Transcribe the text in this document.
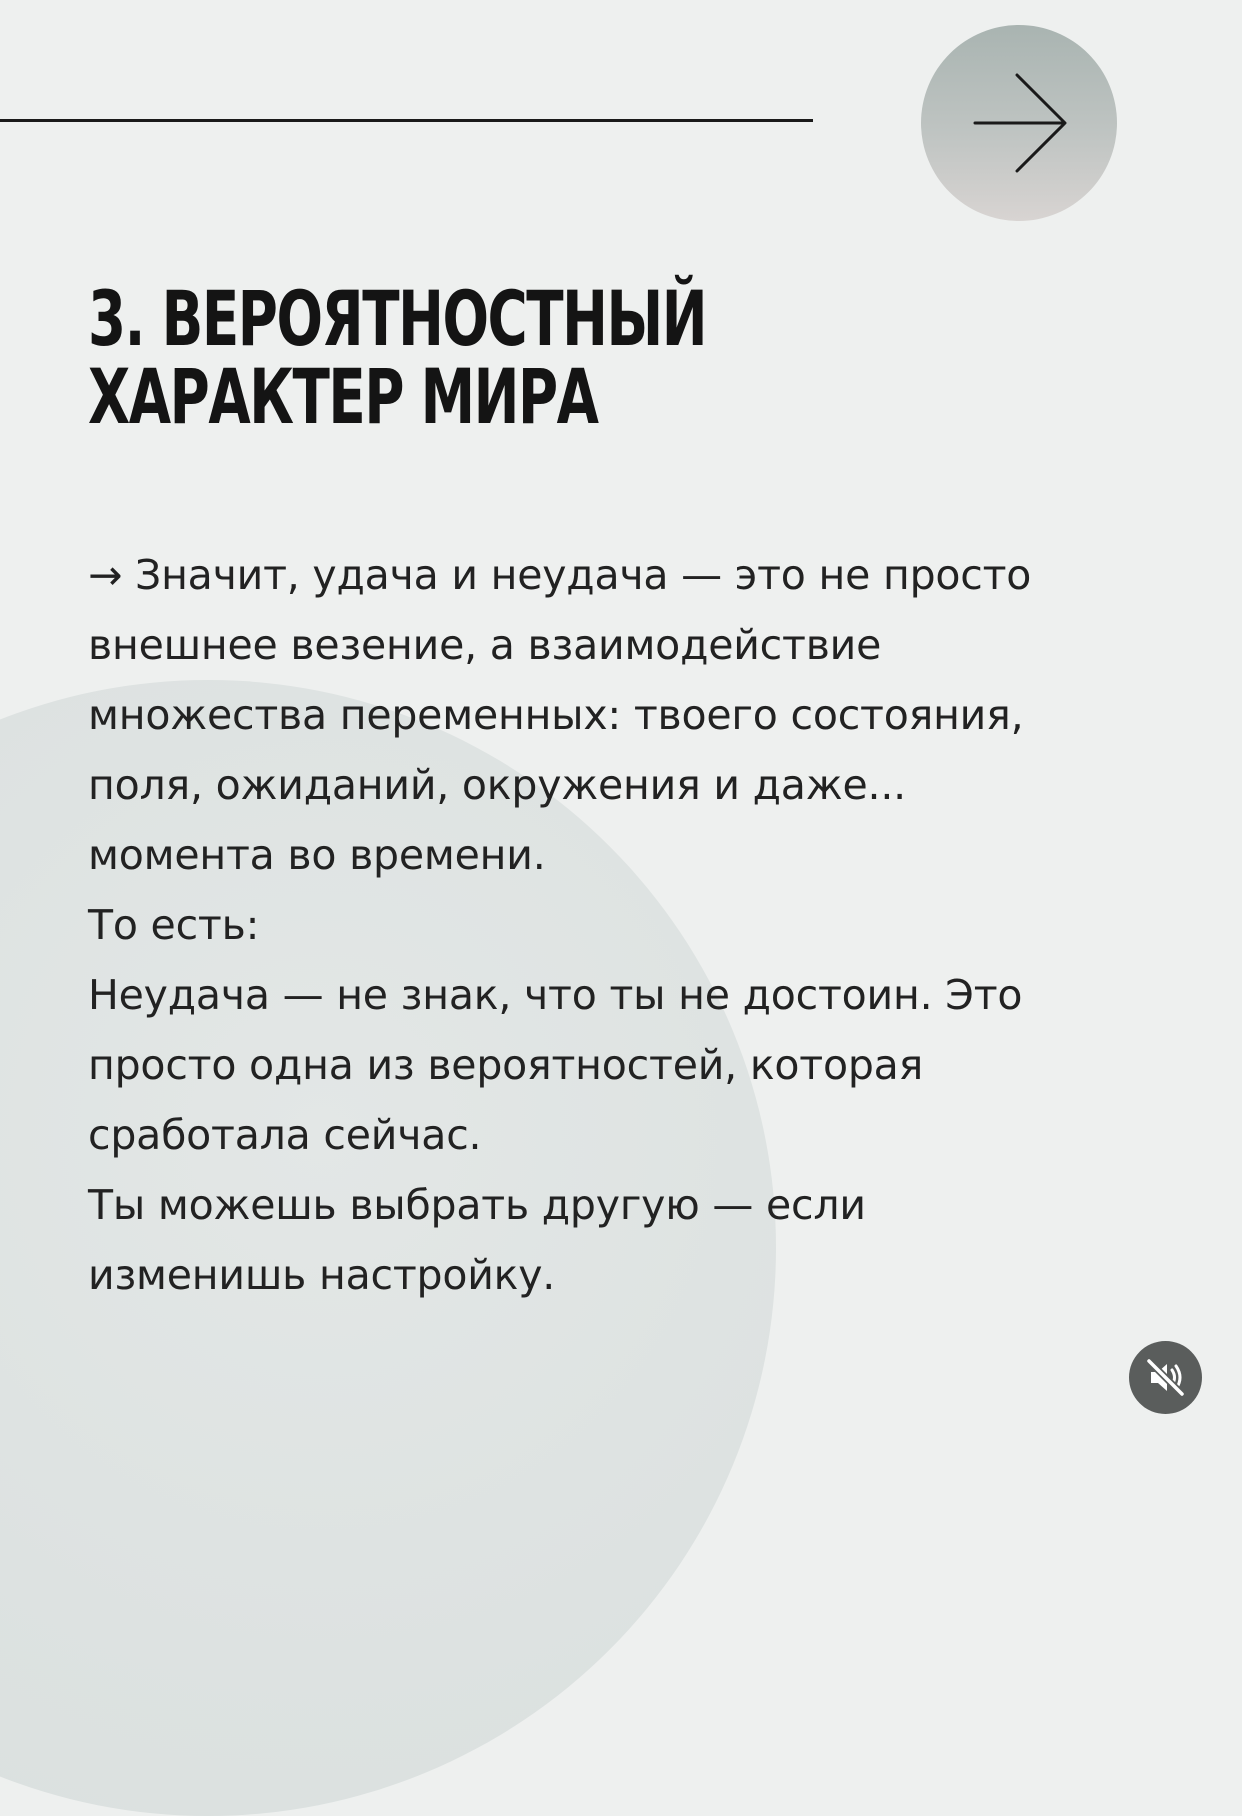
3. ВЕРОЯТНОСТНЫЙ
ХАРАКТЕР МИРА
→ Значит, удача и неудача — это не просто
внешнее везение, а взаимодействие
множества переменных: твоего состояния,
поля, ожиданий, окружения и даже...
момента во времени.
То есть:
Неудача — не знак, что ты не достоин. Это
просто одна из вероятностей, которая
сработала сейчас.
Ты можешь выбрать другую — если
изменишь настройку.
